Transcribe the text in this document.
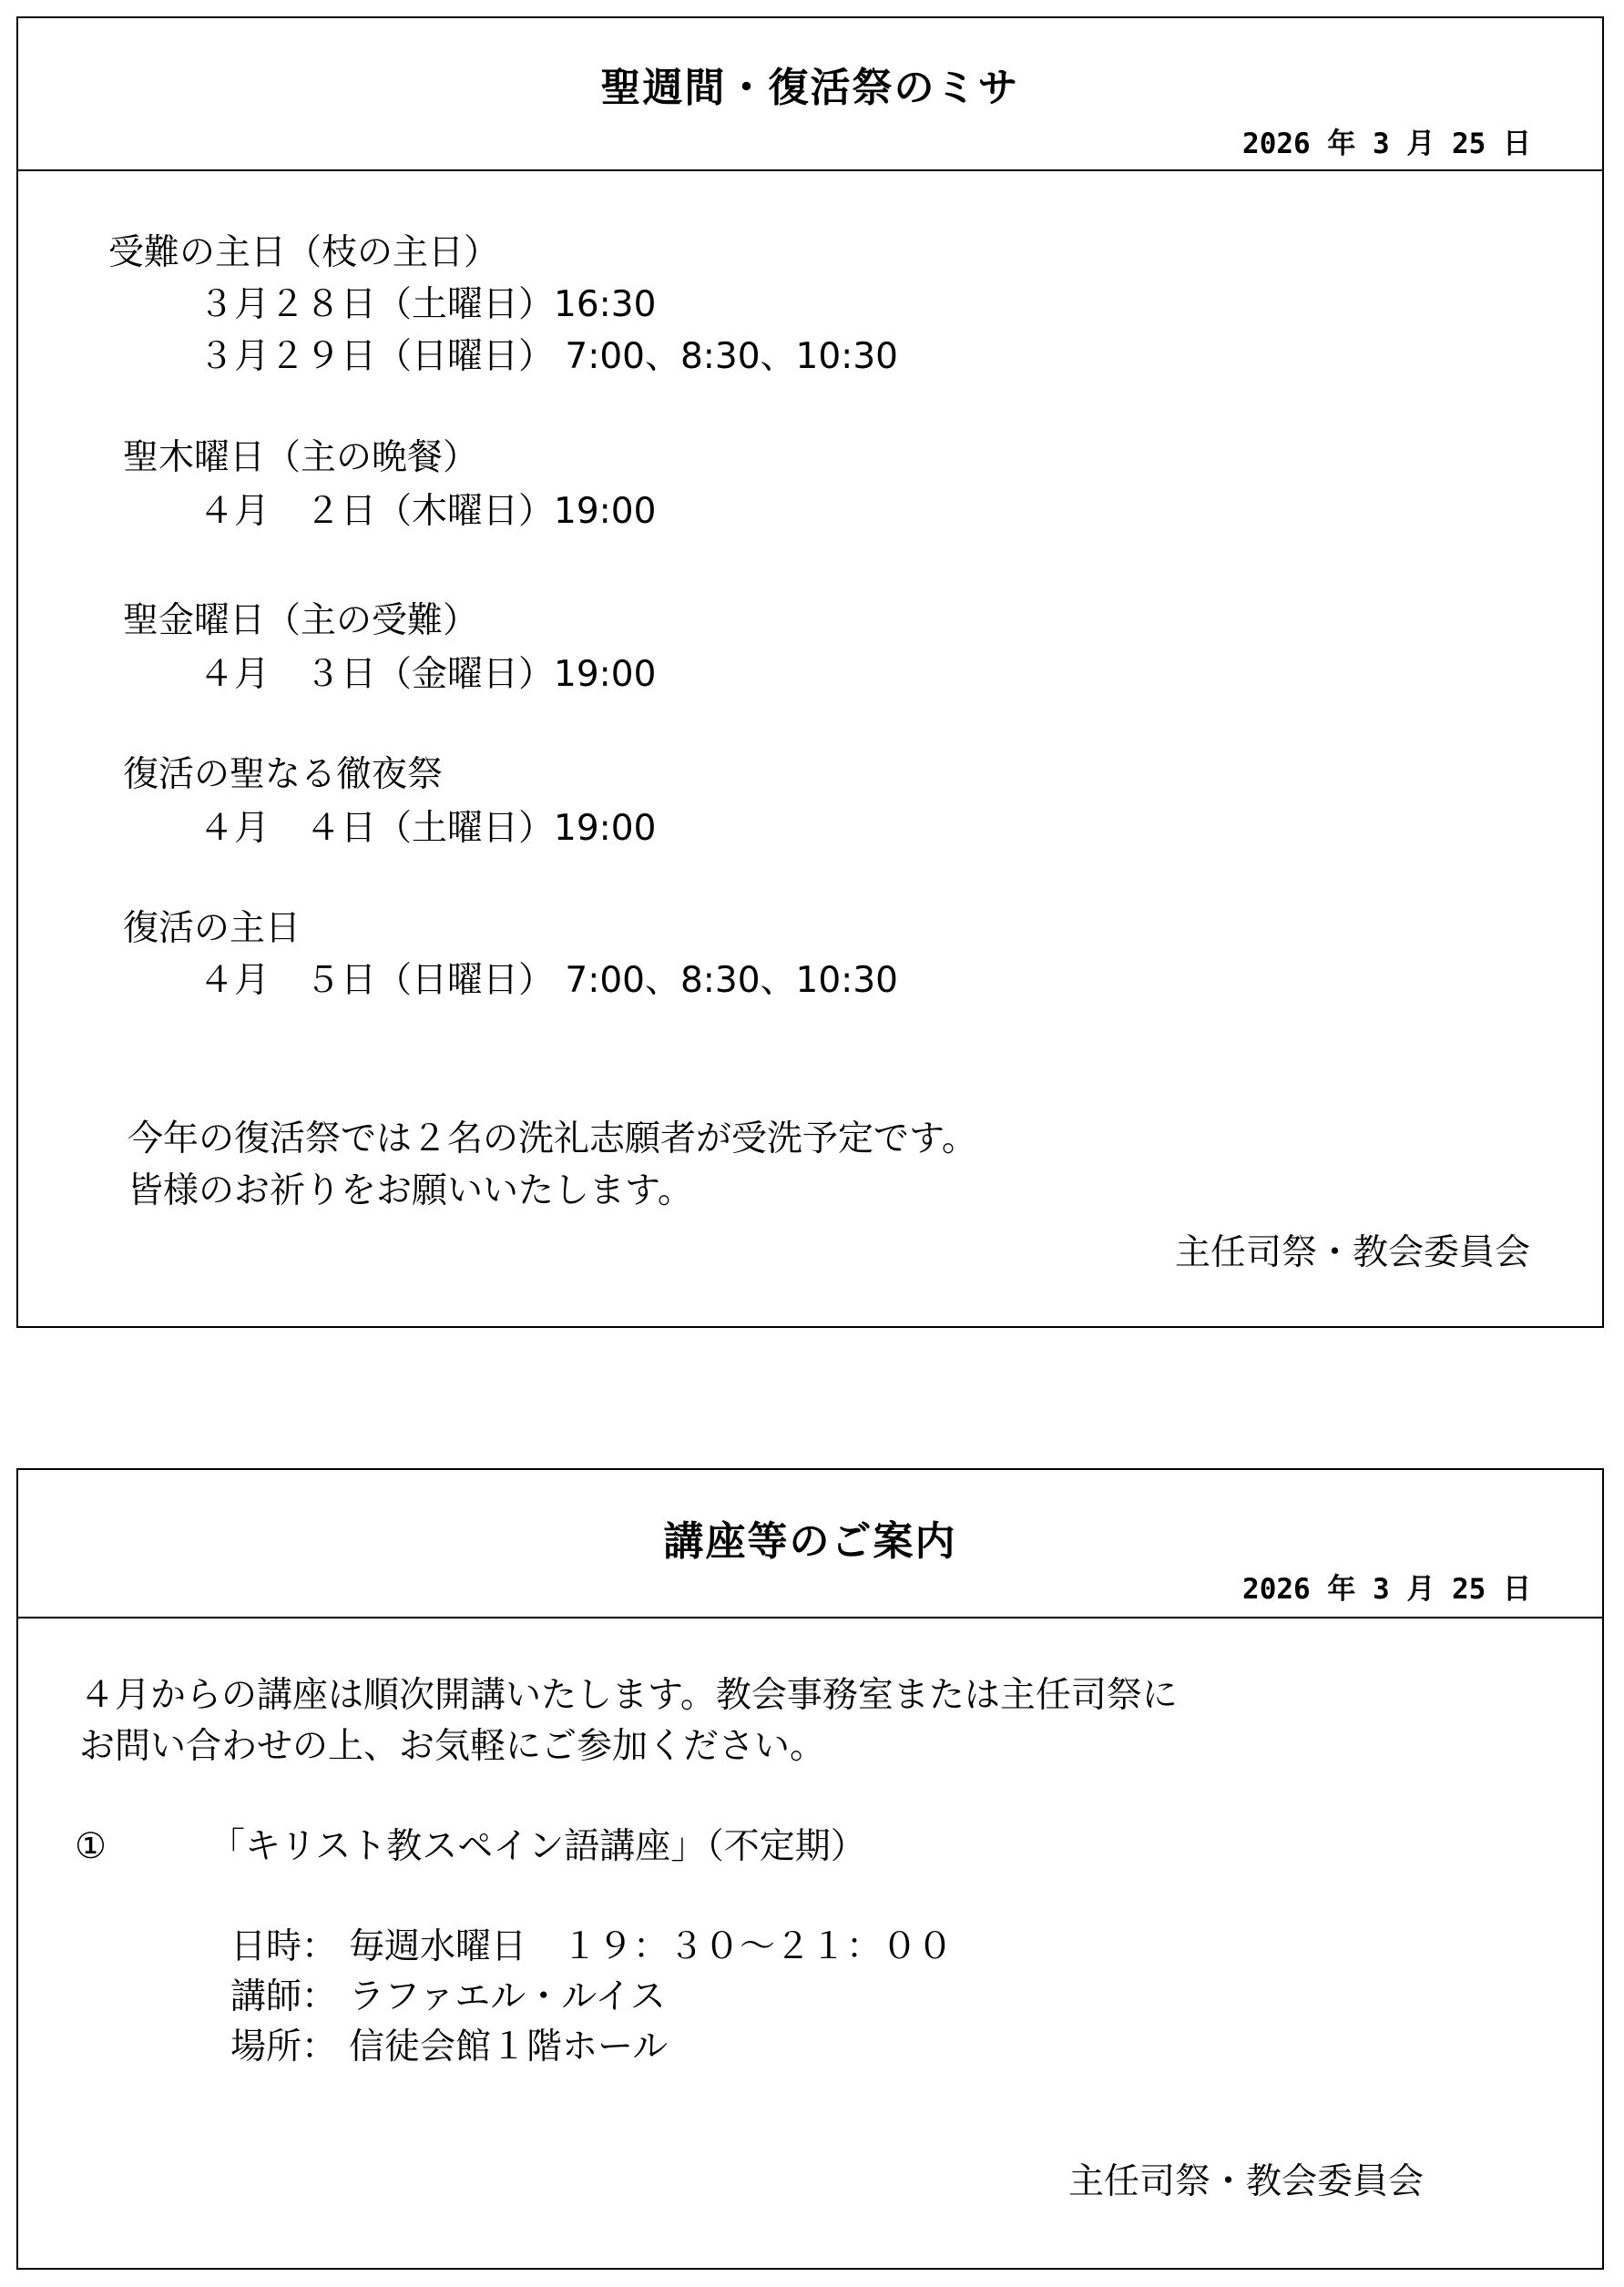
聖週間・復活祭のミサ
2026 年 3 月 25 日
受難の主日（枝の主日）
３月２８日（土曜日）16:30
３月２９日（日曜日） 7:00、8:30、10:30
聖木曜日（主の晩餐）
４月　２日（木曜日）19:00
聖金曜日（主の受難）
４月　３日（金曜日）19:00
復活の聖なる徹夜祭
４月　４日（土曜日）19:00
復活の主日
４月　５日（日曜日） 7:00、8:30、10:30
今年の復活祭では２名の洗礼志願者が受洗予定です。
皆様のお祈りをお願いいたします。
主任司祭・教会委員会
講座等のご案内
2026 年 3 月 25 日
４月からの講座は順次開講いたします。教会事務室または主任司祭に
お問い合わせの上、お気軽にご参加ください。
①	「キリスト教スペイン語講座」（不定期）
日時： 毎週水曜日　１９：３０～２１：００
講師： ラファエル・ルイス
場所： 信徒会館１階ホール
主任司祭・教会委員会
